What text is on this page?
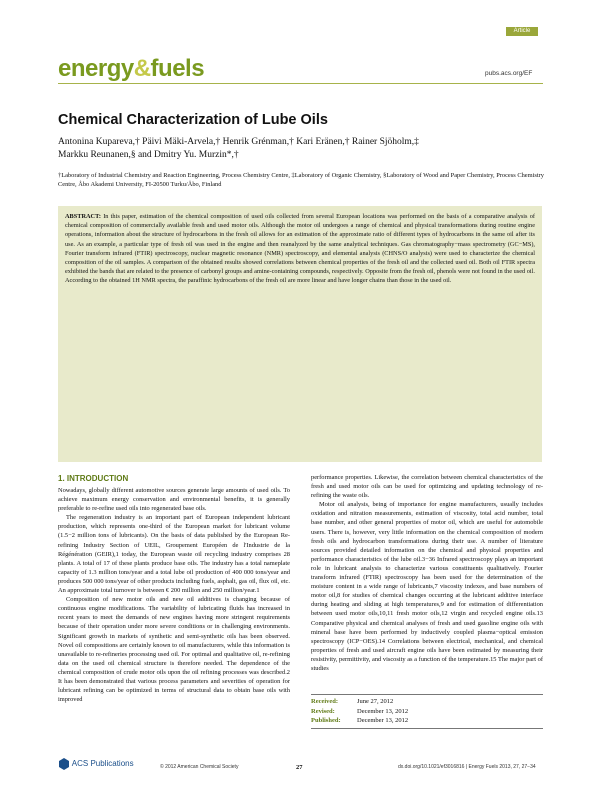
Article
energy&fuels	pubs.acs.org/EF
Chemical Characterization of Lube Oils
Antonina Kupareva,† Päivi Mäki-Arvela,† Henrik Grénman,† Kari Eränen,† Rainer Sjöholm,‡
Markku Reunanen,§ and Dmitry Yu. Murzin*,†
†Laboratory of Industrial Chemistry and Reaction Engineering, Process Chemistry Centre, ‡Laboratory of Organic Chemistry, §Laboratory of Wood and Paper Chemistry, Process Chemistry Centre, Åbo Akademi University, FI-20500 Turku/Åbo, Finland
ABSTRACT: In this paper, estimation of the chemical composition of used oils collected from several European locations was performed on the basis of a comparative analysis of chemical composition of commercially available fresh and used motor oils. Although the motor oil undergoes a range of chemical and physical transformations during routine engine operations, information about the structure of hydrocarbons in the fresh oil allows for an estimation of the approximate ratio of different types of hydrocarbons in the same oil after its use. As an example, a particular type of fresh oil was used in the engine and then reanalyzed by the same analytical techniques. Gas chromatography−mass spectrometry (GC−MS), Fourier transform infrared (FTIR) spectroscopy, nuclear magnetic resonance (NMR) spectroscopy, and elemental analysis (CHNS/O analysis) were used to characterize the chemical composition of the oil samples. A comparison of the obtained results showed correlations between chemical properties of the fresh oil and the collected used oil. Both oil FTIR spectra exhibited the bands that are related to the presence of carbonyl groups and amine-containing compounds, respectively. Opposite from the fresh oil, phenols were not found in the used oil. According to the obtained 1H NMR spectra, the paraffinic hydrocarbons of the fresh oil are more linear and have longer chains than those in the used oil.
1. INTRODUCTION

Nowadays, globally different automotive sources generate large amounts of used oils. To achieve maximum energy conservation and environmental benefits, it is generally preferable to re-refine used oils into regenerated base oils.

The regeneration industry is an important part of European independent lubricant production, which represents one-third of the European market for lubricant volume (1.5−2 million tons of lubricants). On the basis of data published by the European Re-refining Industry Section of UEIL, Groupement Européen de l'Industrie de la Régénération (GEIR),1 today, the European waste oil recycling industry comprises 28 plants. A total of 17 of these plants produce base oils. The industry has a total nameplate capacity of 1.3 million tons/year and a total lube oil production of 400 000 tons/year and produces 500 000 tons/year of other products including fuels, asphalt, gas oil, flux oil, etc. An approximate total turnover is between € 200 million and 250 million/year.1

Composition of new motor oils and new oil additives is changing because of continuous engine modifications. The variability of lubricating fluids has increased in recent years to meet the demands of new engines having more stringent requirements because of their operation under more severe conditions or in challenging environments. Significant growth in markets of synthetic and semi-synthetic oils has been observed. Novel oil compositions are certainly known to oil manufacturers, while this information is unavailable to re-refineries processing used oil. For optimal and qualitative oil, re-refining data on the used oil chemical structure is therefore needed. The dependence of the chemical composition of crude motor oils upon the oil refining processes was described.2 It has been demonstrated that various process parameters and severities of operation for lubricant refining can be optimized in terms of structural data to obtain base oils with improved

performance properties. Likewise, the correlation between chemical characteristics of the fresh and used motor oils can be used for optimizing and updating technology of re-refining the waste oils.

Motor oil analysis, being of importance for engine manufacturers, usually includes oxidation and nitration measurements, estimation of viscosity, total acid number, total base number, and other general properties of motor oil, which are useful for automobile users. There is, however, very little information on the chemical composition of modern fresh oils and hydrocarbon transformations during their use. A number of literature sources provided detailed information on the chemical and physical properties and performance characteristics of the lube oil.3−36 Infrared spectroscopy plays an important role in lubricant analysis to characterize various constituents qualitatively. Fourier transform infrared (FTIR) spectroscopy has been used for the determination of the moisture content in a wide range of lubricants,7 viscosity indexes, and base numbers of motor oil,8 for studies of chemical changes occurring at the lubricant additive interface during heating and sliding at high temperatures,9 and for estimation of differentiation between used motor oils,10,11 fresh motor oils,12 virgin and recycled engine oils.13 Comparative physical and chemical analyses of fresh and used gasoline engine oils with mineral base have been performed by inductively coupled plasma−optical emission spectroscopy (ICP−OES).14 Correlations between electrical, mechanical, and chemical properties of fresh and used aircraft engine oils have been estimated by measuring their resistivity, permittivity, and viscosity as a function of the temperature.15 The major part of studies

Received:	June 27, 2012
Revised:	December 13, 2012
Published:	December 13, 2012
ACS Publications	© 2012 American Chemical Society	27	dx.doi.org/10.1021/ef3016816 | Energy Fuels 2013, 27, 27−34
